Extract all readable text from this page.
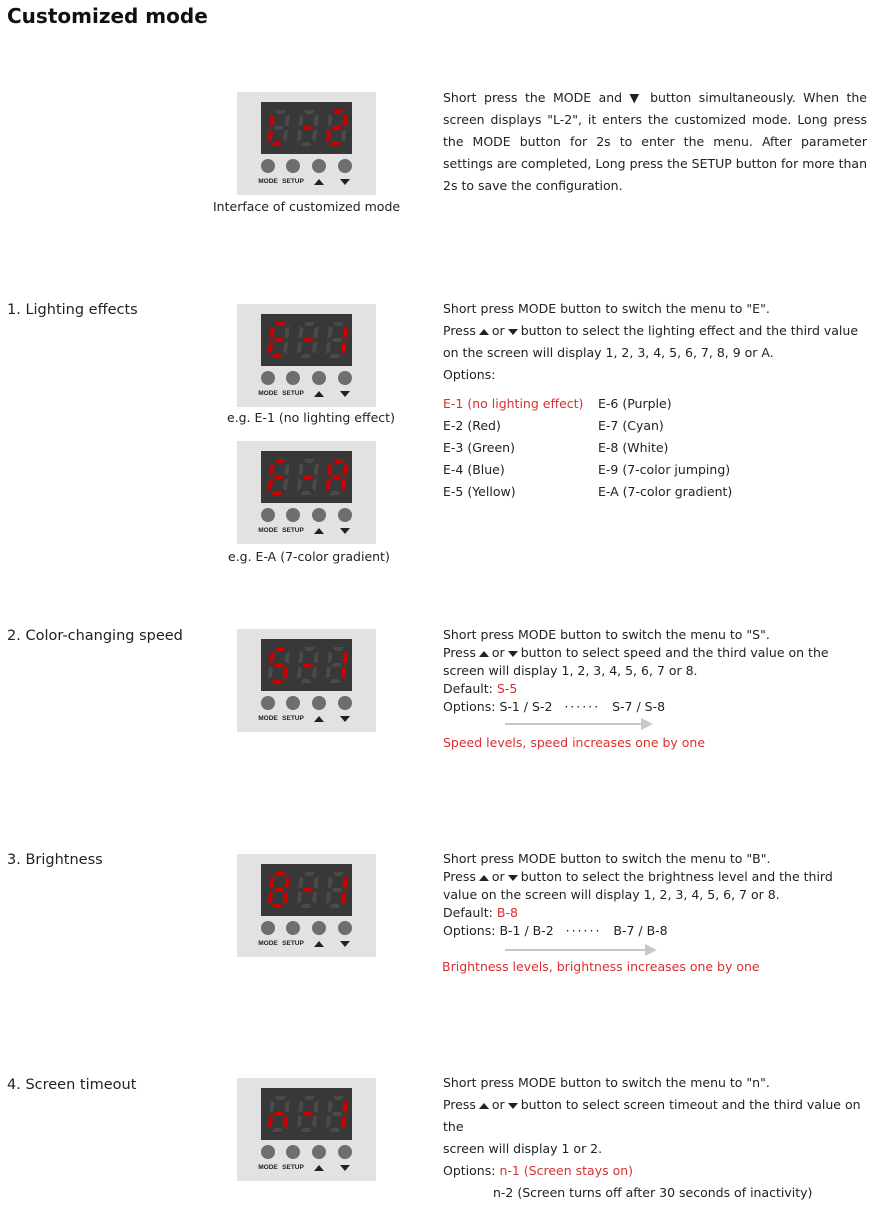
Customized mode
MODE SETUP
Interface of customized mode
Short press the MODE and ▼ button simultaneously. When the screen displays "L-2", it enters the customized mode. Long press the MODE button for 2s to enter the menu. After parameter settings are completed, Long press the SETUP button for more than 2s to save the configuration.
1. Lighting effects
MODE SETUP
e.g. E-1 (no lighting effect)
MODE SETUP
e.g. E-A (7-color gradient)

Short press MODE button to switch the menu to "E".

Press or button to select the lighting effect and the third value

on the screen will display 1, 2, 3, 4, 5, 6, 7, 8, 9 or A.

Options:

E-1 (no lighting effect)
E-2 (Red)
E-3 (Green)
E-4 (Blue)
E-5 (Yellow)
E-6 (Purple)
E-7 (Cyan)
E-8 (White)
E-9 (7-color jumping)
E-A (7-color gradient)
2. Color-changing speed
MODE SETUP

Short press MODE button to switch the menu to "S".

Press or button to select speed and the third value on the

screen will display 1, 2, 3, 4, 5, 6, 7 or 8.

Default: S-5

Options: S-1 / S-2 ······ S-7 / S-8

Speed levels, speed increases one by one
3. Brightness
MODE SETUP

Short press MODE button to switch the menu to "B".

Press or button to select the brightness level and the third

value on the screen will display 1, 2, 3, 4, 5, 6, 7 or 8.

Default: B-8

Options: B-1 / B-2 ······ B-7 / B-8

Brightness levels, brightness increases one by one
4. Screen timeout
MODE SETUP

Short press MODE button to switch the menu to "n".

Press or button to select screen timeout and the third value on the

screen will display 1 or 2.

Options: n-1 (Screen stays on)

n-2 (Screen turns off after 30 seconds of inactivity)
